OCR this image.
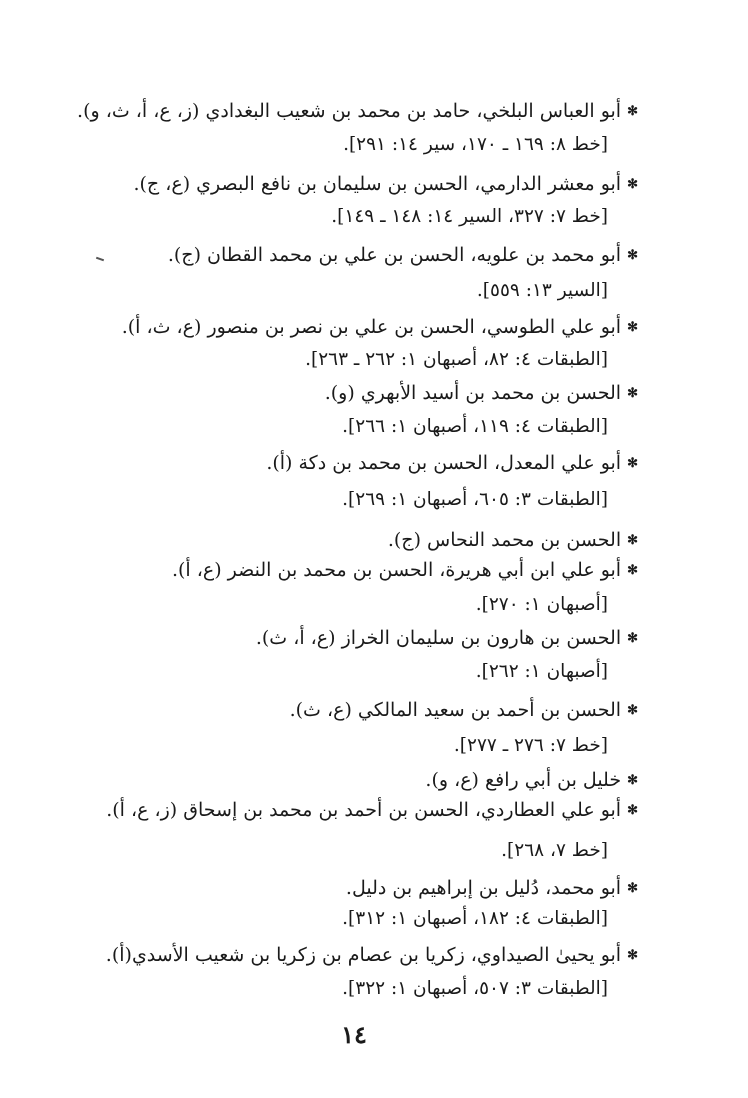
✻أبو العباس البلخي، حامد بن محمد بن شعيب البغدادي (ز، ع، أ، ث، و).
[خط ٨: ١٦٩ ـ ١٧٠، سير ١٤: ٢٩١].
✻أبو معشر الدارمي، الحسن بن سليمان بن نافع البصري (ع، ج).
[خط ٧: ٣٢٧، السير ١٤: ١٤٨ ـ ١٤٩].
✻أبو محمد بن علويه، الحسن بن علي بن محمد القطان (ج).
[السير ١٣: ٥٥٩].
✻أبو علي الطوسي، الحسن بن علي بن نصر بن منصور (ع، ث، أ).
[الطبقات ٤: ٨٢، أصبهان ١: ٢٦٢ ـ ٢٦٣].
✻الحسن بن محمد بن أسيد الأبهري (و).
[الطبقات ٤: ١١٩، أصبهان ١: ٢٦٦].
✻أبو علي المعدل، الحسن بن محمد بن دكة (أ).
[الطبقات ٣: ٦٠٥، أصبهان ١: ٢٦٩].
✻الحسن بن محمد النحاس (ج).
✻أبو علي ابن أبي هريرة، الحسن بن محمد بن النضر (ع، أ).
[أصبهان ١: ٢٧٠].
✻الحسن بن هارون بن سليمان الخراز (ع، أ، ث).
[أصبهان ١: ٢٦٢].
✻الحسن بن أحمد بن سعيد المالكي (ع، ث).
[خط ٧: ٢٧٦ ـ ٢٧٧].
✻خليل بن أبي رافع (ع، و).
✻أبو علي العطاردي، الحسن بن أحمد بن محمد بن إسحاق (ز، ع، أ).
[خط ٧، ٢٦٨].
✻أبو محمد، دُليل بن إبراهيم بن دليل.
[الطبقات ٤: ١٨٢، أصبهان ١: ٣١٢].
✻أبو يحيىٰ الصيداوي، زكريا بن عصام بن زكريا بن شعيب الأسدي(أ).
[الطبقات ٣: ٥٠٧، أصبهان ١: ٣٢٢].
١٤
